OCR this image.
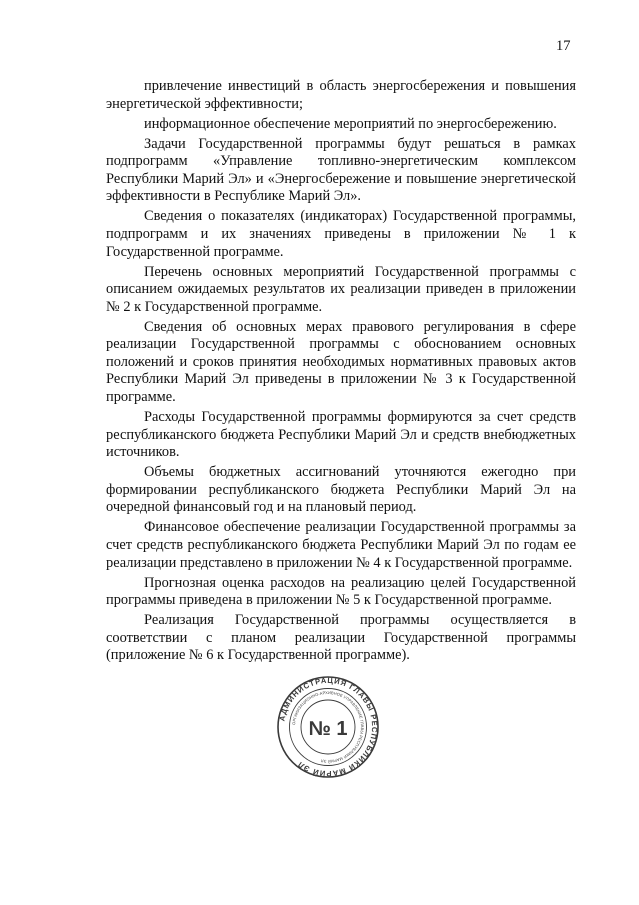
17

привлечение инвестиций в область энергосбережения и повышения энергетической эффективности;

информационное обеспечение мероприятий по энергосбережению.

Задачи Государственной программы будут решаться в рамках подпрограмм «Управление топливно-энергетическим комплексом Республики Марий Эл» и «Энергосбережение и повышение энергетической эффективности в Республике Марий Эл».

Сведения о показателях (индикаторах) Государственной программы, подпрограмм и их значениях приведены в приложении № 1 к Государственной программе.

Перечень основных мероприятий Государственной программы с описанием ожидаемых результатов их реализации приведен в приложении № 2 к Государственной программе.

Сведения об основных мерах правового регулирования в сфере реализации Государственной программы с обоснованием основных положений и сроков принятия необходимых нормативных правовых актов Республики Марий Эл приведены в приложении № 3 к Государственной программе.

Расходы Государственной программы формируются за счет средств республиканского бюджета Республики Марий Эл и средств внебюджетных источников.

Объемы бюджетных ассигнований уточняются ежегодно при формировании республиканского бюджета Республики Марий Эл на очередной финансовый год и на плановый период.

Финансовое обеспечение реализации Государственной программы за счет средств республиканского бюджета Республики Марий Эл по годам ее реализации представлено в приложении № 4 к Государственной программе.

Прогнозная оценка расходов на реализацию целей Государственной программы приведена в приложении № 5 к Государственной программе.

Реализация Государственной программы осуществляется в соответствии с планом реализации Государственной программы (приложение № 6 к Государственной программе).

АДМИНИСТРАЦИЯ ГЛАВЫ РЕСПУБЛИКИ МАРИЙ ЭЛ
ОРГАНИЗАЦИОННО-АРХИВНОЕ УПРАВЛЕНИЕ ГЛАВЫ РЕСПУБЛИКИ МАРИЙ ЭЛ
№ 1
